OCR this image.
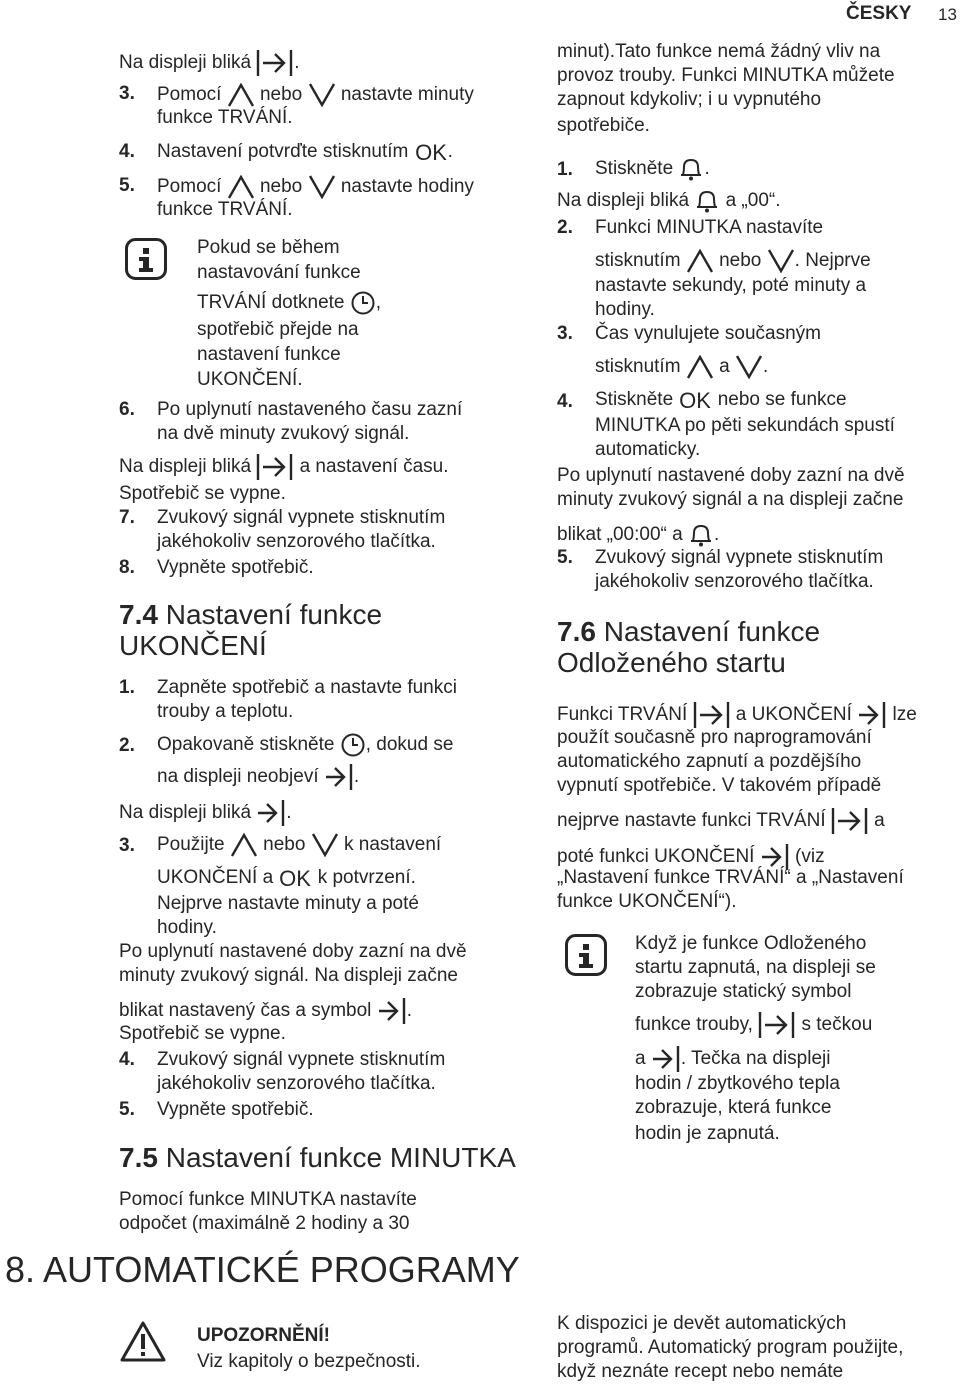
ČESKY 13
Na displeji bliká .
3. Pomocí nebo nastavte minuty
funkce TRVÁNÍ.
4. Nastavení potvrďte stisknutím .
5. Pomocí nebo nastavte hodiny
funkce TRVÁNÍ.
Pokud se během
nastavování funkce
TRVÁNÍ dotknete ,
spotřebič přejde na
nastavení funkce
UKONČENÍ.
6. Po uplynutí nastaveného času zazní
na dvě minuty zvukový signál.
Na displeji bliká	a nastavení času.
Spotřebič se vypne.
7. Zvukový signál vypnete stisknutím
jakéhokoliv senzorového tlačítka.
8. Vypněte spotřebič.
7.4 Nastavení funkce
UKONČENÍ
1. Zapněte spotřebič a nastavte funkci
trouby a teplotu.
2. Opakovaně stiskněte , dokud se
na displeji neobjeví .
Na displeji bliká .
3. Použijte nebo k nastavení
UKONČENÍ a k potvrzení.
Nejprve nastavte minuty a poté
hodiny.
Po uplynutí nastavené doby zazní na dvě
minuty zvukový signál. Na displeji začne
blikat nastavený čas a symbol .
Spotřebič se vypne.
4. Zvukový signál vypnete stisknutím
jakéhokoliv senzorového tlačítka.
5. Vypněte spotřebič.
7.5 Nastavení funkce MINUTKA
Pomocí funkce MINUTKA nastavíte
odpočet (maximálně 2 hodiny a 30
minut).Tato funkce nemá žádný vliv na
provoz trouby. Funkci MINUTKA můžete
zapnout kdykoliv; i u vypnutého
spotřebiče.
1. Stiskněte .
Na displeji bliká a „00“.
2. Funkci MINUTKA nastavíte
stisknutím nebo . Nejprve
nastavte sekundy, poté minuty a
hodiny.
3. Čas vynulujete současným
stisknutím a .
4. Stiskněte nebo se funkce
MINUTKA po pěti sekundách spustí
automaticky.
Po uplynutí nastavené doby zazní na dvě
minuty zvukový signál a na displeji začne
blikat „00:00“ a .
5. Zvukový signál vypnete stisknutím
jakéhokoliv senzorového tlačítka.
7.6 Nastavení funkce
Odloženého startu
Funkci TRVÁNÍ	a UKONČENÍ lze
použít současně pro naprogramování
automatického zapnutí a pozdějšího
vypnutí spotřebiče. V takovém případě
nejprve nastavte funkci TRVÁNÍ	a
poté funkci UKONČENÍ (viz
„Nastavení funkce TRVÁNÍ“ a „Nastavení
funkce UKONČENÍ“).
Když je funkce Odloženého
startu zapnutá, na displeji se
zobrazuje statický symbol
funkce trouby,	s tečkou
a . Tečka na displeji
hodin / zbytkového tepla
zobrazuje, která funkce
hodin je zapnutá.
8. AUTOMATICKÉ PROGRAMY
UPOZORNĚNÍ!
Viz kapitoly o bezpečnosti.
K dispozici je devět automatických
programů. Automatický program použijte,
když neznáte recept nebo nemáte
